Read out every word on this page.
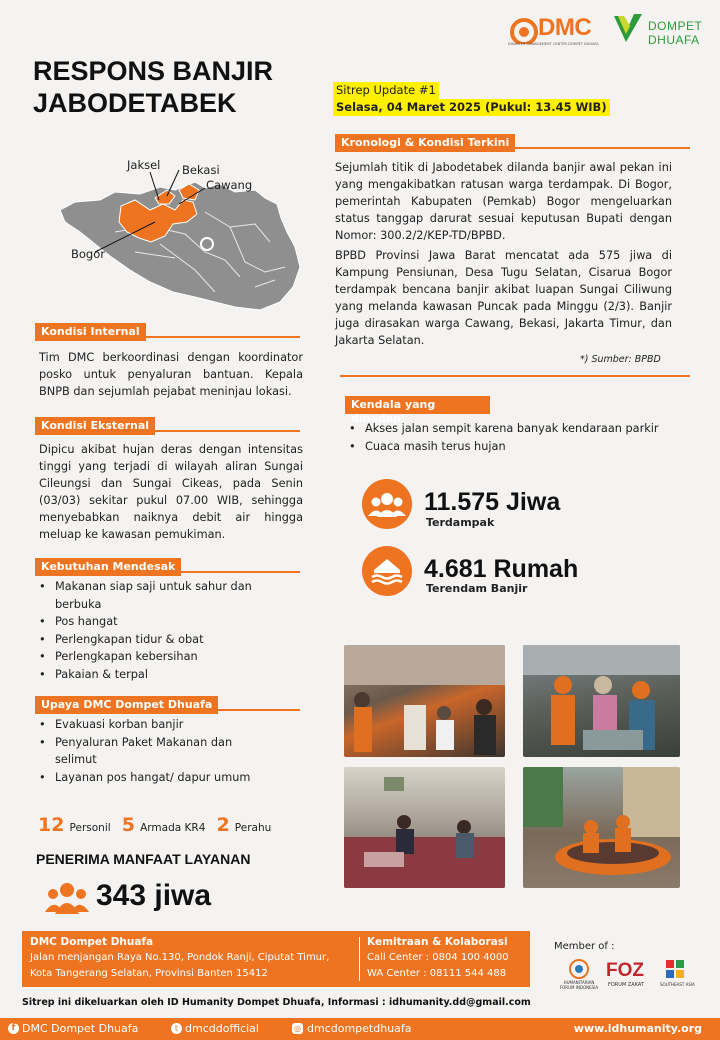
DMC
DISASTER MANAGEMENT CENTER DOMPET DHUAFA
DOMPET
DHUAFA
RESPONS BANJIR
JABODETABEK	Sitrep Update #1
Selasa, 04 Maret 2025 (Pukul: 13.45 WIB)
Jaksel Bekasi
Cawang
Bogor
Kronologi & Kondisi Terkini
Sejumlah titik di Jabodetabek dilanda banjir awal pekan ini yang mengakibatkan ratusan warga terdampak. Di Bogor, pemerintah Kabupaten (Pemkab) Bogor mengeluarkan status tanggap darurat sesuai keputusan Bupati dengan Nomor: 300.2/2/KEP-TD/BPBD.
BPBD Provinsi Jawa Barat mencatat ada 575 jiwa di Kampung Pensiunan, Desa Tugu Selatan, Cisarua Bogor terdampak bencana banjir akibat luapan Sungai Ciliwung yang melanda kawasan Puncak pada Minggu (2/3). Banjir juga dirasakan warga Cawang, Bekasi, Jakarta Timur, dan Jakarta Selatan.
*) Sumber: BPBD
Kendala yang dihadapi
• Akses jalan sempit karena banyak kendaraan parkir
• Cuaca masih terus hujan
11.575 Jiwa
Terdampak
4.681 Rumah
Terendam Banjir
Kondisi Internal
Tim DMC berkoordinasi dengan koordinator posko untuk penyaluran bantuan. Kepala BNPB dan sejumlah pejabat meninjau lokasi.
Kondisi Eksternal
Dipicu akibat hujan deras dengan intensitas tinggi yang terjadi di wilayah aliran Sungai Cileungsi dan Sungai Cikeas, pada Senin (03/03) sekitar pukul 07.00 WIB, sehingga menyebabkan naiknya debit air hingga meluap ke kawasan pemukiman.
Kebutuhan Mendesak
• Makanan siap saji untuk sahur dan berbuka
• Pos hangat
• Perlengkapan tidur & obat
• Perlengkapan kebersihan
• Pakaian & terpal
Upaya DMC Dompet Dhuafa
• Evakuasi korban banjir
• Penyaluran Paket Makanan dan selimut
• Layanan pos hangat/ dapur umum
12 Personil 5 Armada KR4 2 Perahu
PENERIMA MANFAAT LAYANAN
343 jiwa
DMC Dompet Dhuafa
Jalan menjangan Raya No.130, Pondok Ranji, Ciputat Timur,
Kota Tangerang Selatan, Provinsi Banten 15412
Kemitraan & Kolaborasi
Call Center : 0804 100 4000
WA Center : 08111 544 488
Member of :
HUMANITARIAN FORUM INDONESIA
FOZ
FORUM ZAKAT	SOUTHEAST ASIA
Sitrep ini dikeluarkan oleh ID Humanity Dompet Dhuafa, Informasi : idhumanity.dd@gmail.com
f DMC Dompet Dhuafa	t dmcddofficial	◎ dmcdompetdhuafa	www.idhumanity.org
